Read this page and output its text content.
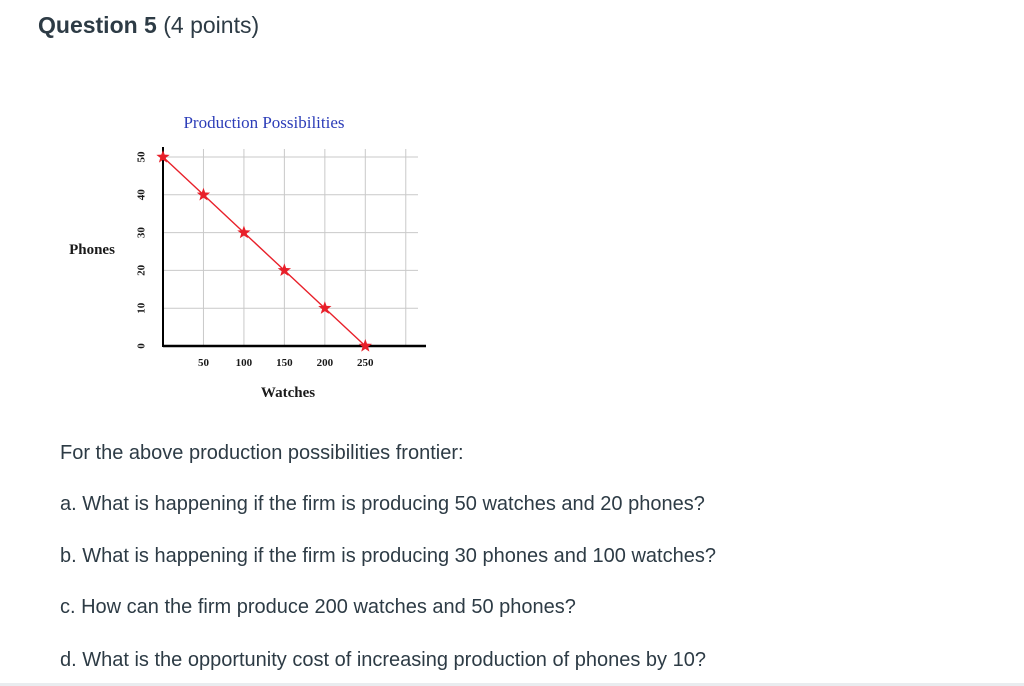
Question 5 (4 points)
Production Possibilities
0
10
20
30
40
50
50 100 150 200 250
Phones
Watches

For the above production possibilities frontier:

a. What is happening if the firm is producing 50 watches and 20 phones?

b. What is happening if the firm is producing 30 phones and 100 watches?

c. How can the firm produce 200 watches and 50 phones?

d. What is the opportunity cost of increasing production of phones by 10?
